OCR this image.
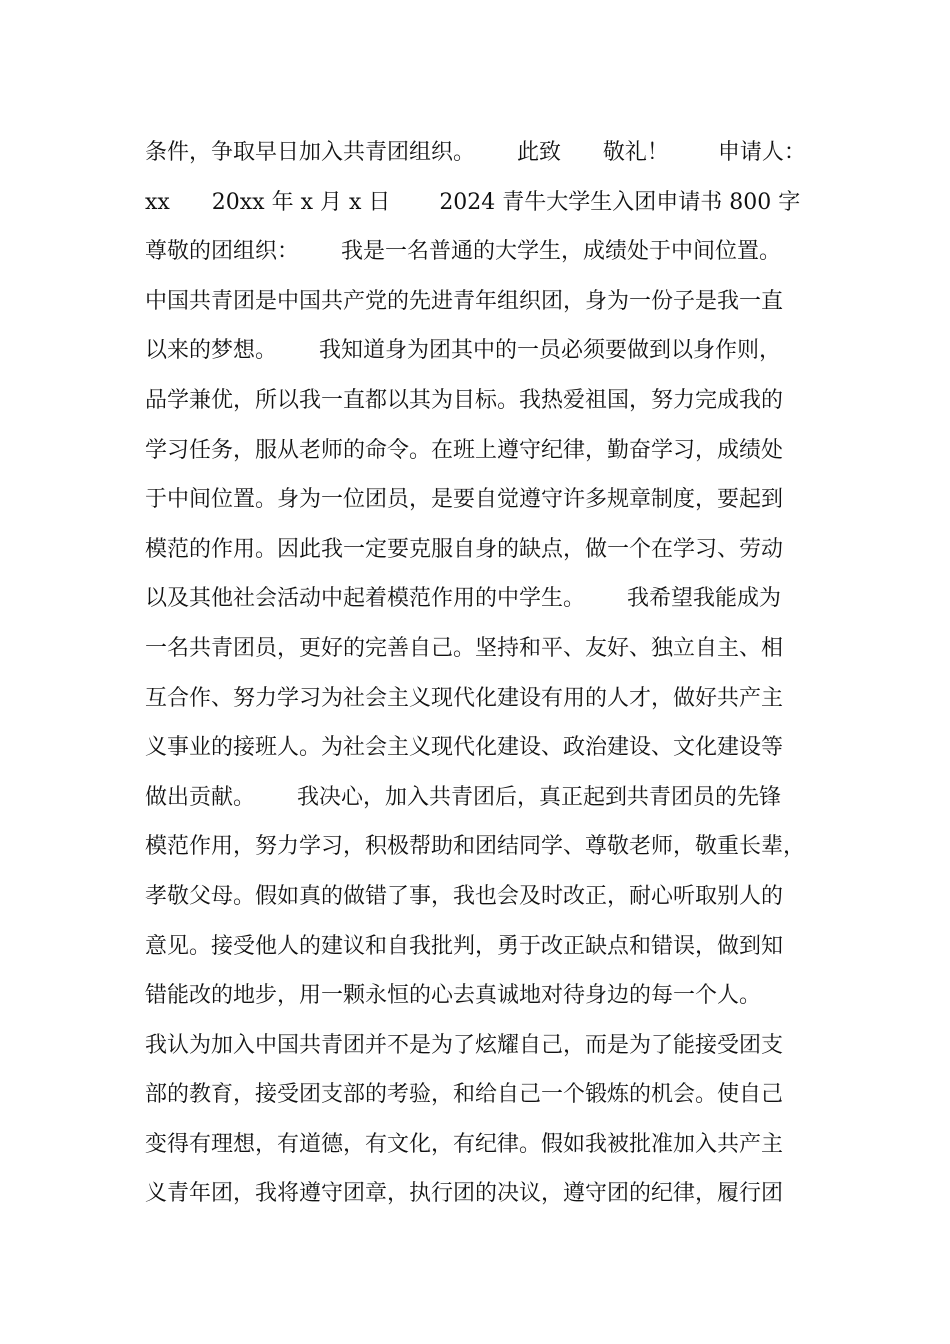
条件，争取早日加入共青团组织。      此致      敬礼！       申请人：
xx      20xx 年 x 月 x 日       2024 青牛大学生入团申请书 800 字
尊敬的团组织：      我是一名普通的大学生，成绩处于中间位置。
中国共青团是中国共产党的先进青年组织团，身为一份子是我一直
以来的梦想。      我知道身为团其中的一员必须要做到以身作则，
品学兼优，所以我一直都以其为目标。我热爱祖国，努力完成我的
学习任务，服从老师的命令。在班上遵守纪律，勤奋学习，成绩处
于中间位置。身为一位团员，是要自觉遵守许多规章制度，要起到
模范的作用。因此我一定要克服自身的缺点，做一个在学习、劳动
以及其他社会活动中起着模范作用的中学生。      我希望我能成为
一名共青团员，更好的完善自己。坚持和平、友好、独立自主、相
互合作、努力学习为社会主义现代化建设有用的人才，做好共产主
义事业的接班人。为社会主义现代化建设、政治建设、文化建设等
做出贡献。      我决心，加入共青团后，真正起到共青团员的先锋
模范作用，努力学习，积极帮助和团结同学、尊敬老师，敬重长辈，
孝敬父母。假如真的做错了事，我也会及时改正，耐心听取别人的
意见。接受他人的建议和自我批判，勇于改正缺点和错误，做到知
错能改的地步，用一颗永恒的心去真诚地对待身边的每一个人。
我认为加入中国共青团并不是为了炫耀自己，而是为了能接受团支
部的教育，接受团支部的考验，和给自己一个锻炼的机会。使自己
变得有理想，有道德，有文化，有纪律。假如我被批准加入共产主
义青年团，我将遵守团章，执行团的决议，遵守团的纪律，履行团
